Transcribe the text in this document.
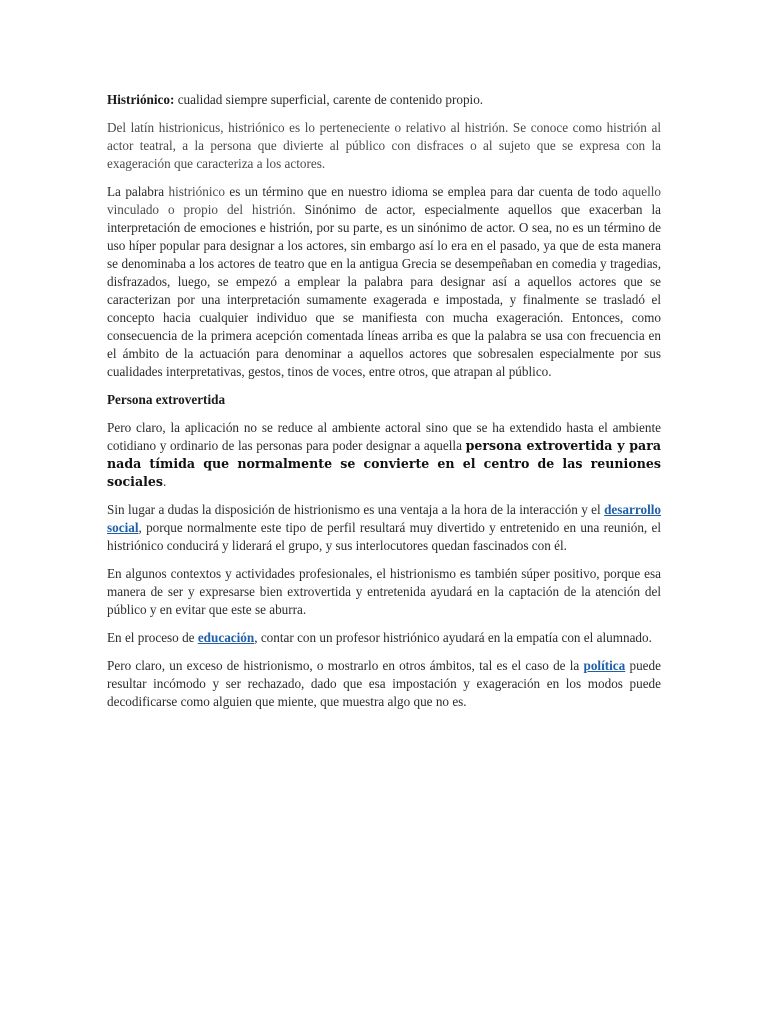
Histriónico: cualidad siempre superficial, carente de contenido propio.

Del latín histrionicus, histriónico es lo perteneciente o relativo al histrión. Se conoce como histrión al actor teatral, a la persona que divierte al público con disfraces o al sujeto que se expresa con la exageración que caracteriza a los actores.

La palabra histriónico es un término que en nuestro idioma se emplea para dar cuenta de todo aquello vinculado o propio del histrión. Sinónimo de actor, especialmente aquellos que exacerban la interpretación de emociones e histrión, por su parte, es un sinónimo de actor. O sea, no es un término de uso híper popular para designar a los actores, sin embargo así lo era en el pasado, ya que de esta manera se denominaba a los actores de teatro que en la antigua Grecia se desempeñaban en comedia y tragedias, disfrazados, luego, se empezó a emplear la palabra para designar así a aquellos actores que se caracterizan por una interpretación sumamente exagerada e impostada, y finalmente se trasladó el concepto hacia cualquier individuo que se manifiesta con mucha exageración. Entonces, como consecuencia de la primera acepción comentada líneas arriba es que la palabra se usa con frecuencia en el ámbito de la actuación para denominar a aquellos actores que sobresalen especialmente por sus cualidades interpretativas, gestos, tinos de voces, entre otros, que atrapan al público.

Persona extrovertida

Pero claro, la aplicación no se reduce al ambiente actoral sino que se ha extendido hasta el ambiente cotidiano y ordinario de las personas para poder designar a aquella persona extrovertida y para nada tímida que normalmente se convierte en el centro de las reuniones sociales.

Sin lugar a dudas la disposición de histrionismo es una ventaja a la hora de la interacción y el desarrollo social, porque normalmente este tipo de perfil resultará muy divertido y entretenido en una reunión, el histriónico conducirá y liderará el grupo, y sus interlocutores quedan fascinados con él.

En algunos contextos y actividades profesionales, el histrionismo es también súper positivo, porque esa manera de ser y expresarse bien extrovertida y entretenida ayudará en la captación de la atención del público y en evitar que este se aburra.

En el proceso de educación, contar con un profesor histriónico ayudará en la empatía con el alumnado.

Pero claro, un exceso de histrionismo, o mostrarlo en otros ámbitos, tal es el caso de la política puede resultar incómodo y ser rechazado, dado que esa impostación y exageración en los modos puede decodificarse como alguien que miente, que muestra algo que no es.
